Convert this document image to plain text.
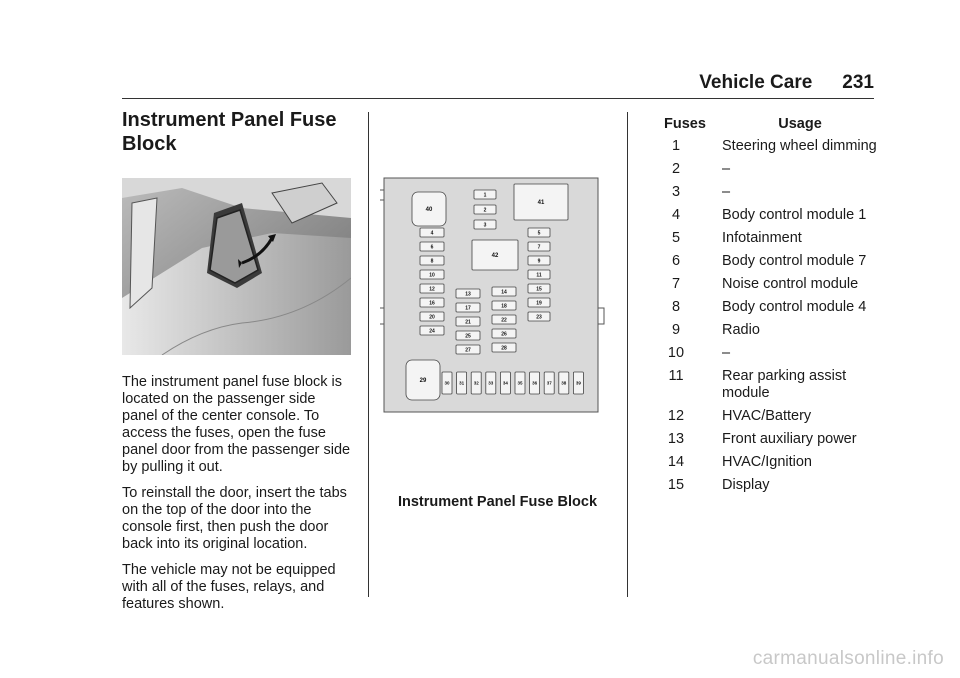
Vehicle Care 231
Instrument Panel Fuse
Block

The instrument panel fuse block is located on the passenger side panel of the center console. To access the fuses, open the fuse panel door from the passenger side by pulling it out.

To reinstall the door, insert the tabs on the top of the door into the console first, then push the door back into its original location.

The vehicle may not be equipped with all of the fuses, relays, and features shown.

40
41
42
29
1
2
3
4
6
8
10
12
16
20
24
13
17
21
25
27
14
18
22
26
28
5
7
9
11
15
19
23
30 31 32 33 34 35 36 37 38 39
Instrument Panel Fuse Block
Fuses	Usage
1	Steering wheel dimming
2	–
3	–
4	Body control module 1
5	Infotainment
6	Body control module 7
7	Noise control module
8	Body control module 4
9	Radio
10	–
11	Rear parking assist module
12	HVAC/Battery
13	Front auxiliary power
14	HVAC/Ignition
15	Display
carmanualsonline.info
